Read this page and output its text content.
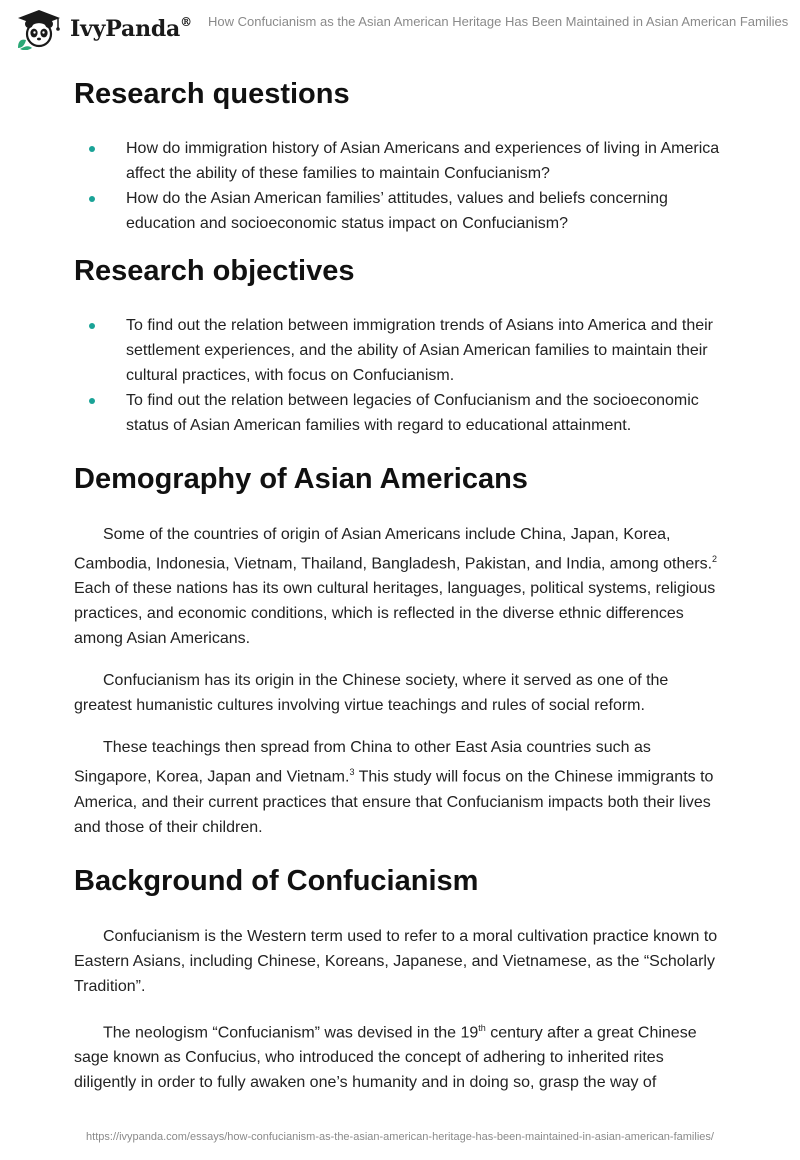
IvyPanda® How Confucianism as the Asian American Heritage Has Been Maintained in Asian American Families
Research questions
How do immigration history of Asian Americans and experiences of living in America affect the ability of these families to maintain Confucianism?
How do the Asian American families’ attitudes, values and beliefs concerning education and socioeconomic status impact on Confucianism?
Research objectives
To find out the relation between immigration trends of Asians into America and their settlement experiences, and the ability of Asian American families to maintain their cultural practices, with focus on Confucianism.
To find out the relation between legacies of Confucianism and the socioeconomic status of Asian American families with regard to educational attainment.
Demography of Asian Americans

Some of the countries of origin of Asian Americans include China, Japan, Korea, Cambodia, Indonesia, Vietnam, Thailand, Bangladesh, Pakistan, and India, among others.$^2$ Each of these nations has its own cultural heritages, languages, political systems, religious practices, and economic conditions, which is reflected in the diverse ethnic differences among Asian Americans.

Confucianism has its origin in the Chinese society, where it served as one of the greatest humanistic cultures involving virtue teachings and rules of social reform.

These teachings then spread from China to other East Asia countries such as Singapore, Korea, Japan and Vietnam.$^3$ This study will focus on the Chinese immigrants to America, and their current practices that ensure that Confucianism impacts both their lives and those of their children.

Background of Confucianism

Confucianism is the Western term used to refer to a moral cultivation practice known to Eastern Asians, including Chinese, Koreans, Japanese, and Vietnamese, as the “Scholarly Tradition”.

The neologism “Confucianism” was devised in the 19th century after a great Chinese sage known as Confucius, who introduced the concept of adhering to inherited rites diligently in order to fully awaken one’s humanity and in doing so, grasp the way of

https://ivypanda.com/essays/how-confucianism-as-the-asian-american-heritage-has-been-maintained-in-asian-american-families/
